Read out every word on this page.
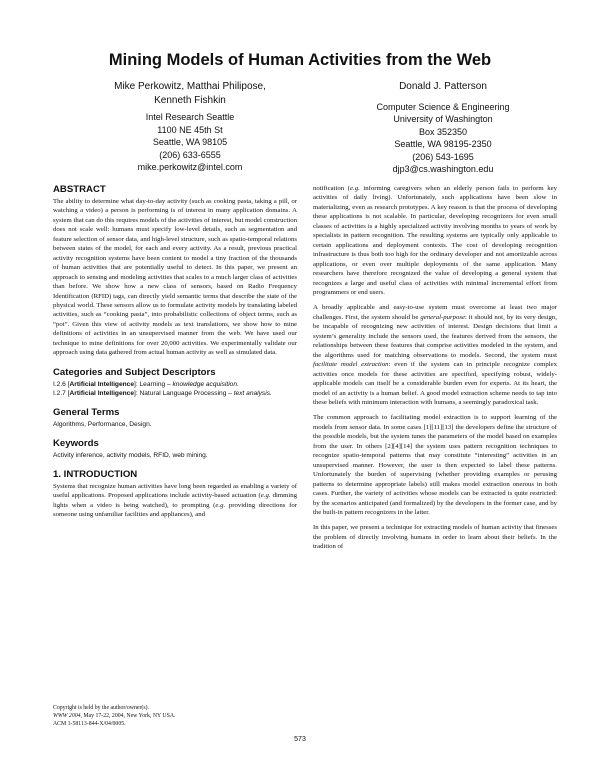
Mining Models of Human Activities from the Web
Mike Perkowitz, Matthai Philipose,
Kenneth Fishkin
Intel Research Seattle
1100 NE 45th St
Seattle, WA 98105
(206) 633-6555
mike.perkowitz@intel.com
Donald J. Patterson
Computer Science & Engineering
University of Washington
Box 352350
Seattle, WA 98195-2350
(206) 543-1695
djp3@cs.washington.edu
ABSTRACT

The ability to determine what day-to-day activity (such as cooking pasta, taking a pill, or watching a video) a person is performing is of interest in many application domains. A system that can do this requires models of the activities of interest, but model construction does not scale well: humans must specify low-level details, such as segmentation and feature selection of sensor data, and high-level structure, such as spatio-temporal relations between states of the model, for each and every activity. As a result, previous practical activity recognition systems have been content to model a tiny fraction of the thousands of human activities that are potentially useful to detect. In this paper, we present an approach to sensing and modeling activities that scales to a much larger class of activities than before. We show how a new class of sensors, based on Radio Frequency Identification (RFID) tags, can directly yield semantic terms that describe the state of the physical world. These sensors allow us to formulate activity models by translating labeled activities, such as “cooking pasta”, into probabilistic collections of object terms, such as “pot”. Given this view of activity models as text translations, we show how to mine definitions of activities in an unsupervised manner from the web. We have used our technique to mine definitions for over 20,000 activities. We experimentally validate our approach using data gathered from actual human activity as well as simulated data.

Categories and Subject Descriptors
I.2.6 [Artificial Intelligence]: Learning – knowledge acquisition.
I.2.7 [Artificial Intelligence]: Natural Language Processing – text analysis.
General Terms
Algorithms, Performance, Design.
Keywords
Activity inference, activity models, RFID, web mining.
1. INTRODUCTION

Systems that recognize human activities have long been regarded as enabling a variety of useful applications. Proposed applications include activity-based actuation (e.g. dimming lights when a video is being watched), to prompting (e.g. providing directions for someone using unfamiliar facilities and appliances), and

Copyright is held by the author/owner(s).
WWW 2004, May 17-22, 2004, New York, NY USA.
ACM 1-58113-844-X/04/0005.

notification (e.g. informing caregivers when an elderly person fails to perform key activities of daily living). Unfortunately, such applications have been slow in materializing, even as research prototypes. A key reason is that the process of developing these applications is not scalable. In particular, developing recognizers for even small classes of activities is a highly specialized activity involving months to years of work by specialists in pattern recognition. The resulting systems are typically only applicable to certain applications and deployment contexts. The cost of developing recognition infrastructure is thus both too high for the ordinary developer and not amortizable across applications, or even over multiple deployments of the same application. Many researchers have therefore recognized the value of developing a general system that recognizes a large and useful class of activities with minimal incremental effort from programmers or end users.

A broadly applicable and easy-to-use system must overcome at least two major challenges. First, the system should be general-purpose: it should not, by its very design, be incapable of recognizing new activities of interest. Design decisions that limit a system’s generality include the sensors used, the features derived from the sensors, the relationships between these features that comprise activities modeled in the system, and the algorithms used for matching observations to models. Second, the system must facilitate model extraction: even if the system can in principle recognize complex activities once models for these activities are specified, specifying robust, widely-applicable models can itself be a considerable burden even for experts. At its heart, the model of an activity is a human belief. A good model extraction scheme needs to tap into these beliefs with minimum interaction with humans, a seemingly paradoxical task.

The common approach to facilitating model extraction is to support learning of the models from sensor data. In some cases [1][11][13] the developers define the structure of the possible models, but the system tunes the parameters of the model based on examples from the user. In others [2][4][14] the system uses pattern recognition techniques to recognize spatio-temporal patterns that may constitute “interesting” activities in an unsupervised manner. However, the user is then expected to label these patterns. Unfortunately the burden of supervising (whether providing examples or perusing patterns to determine appropriate labels) still makes model extraction onerous in both cases. Further, the variety of activities whose models can be extracted is quite restricted: by the scenarios anticipated (and formalized) by the developers in the former case, and by the built-in pattern recognizers in the latter.

In this paper, we present a technique for extracting models of human activity that finesses the problem of directly involving humans in order to learn about their beliefs. In the tradition of

573
